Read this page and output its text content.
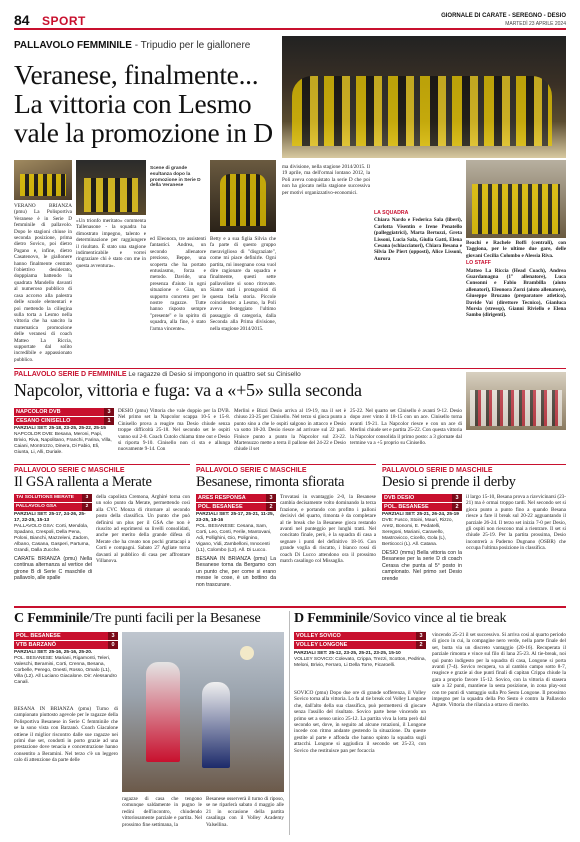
84 SPORT	GIORNALE DI CARATE - SEREGNO - DESIO
MARTEDÌ 23 APRILE 2024
PALLAVOLO FEMMINILE - Tripudio per le giallonere
Veranese, finalmente... La vittoria con Lesmo vale la promozione in D
Scene di grande esultanza dopo la promozione in Serie D della Veranese

VERANO BRIANZA (pmu) La Polisportiva Veranese è in Serie D femminile di pallavolo. Dopo le stagioni chiuse in seconda posizione, prima dietro Sovico, poi dietro Pagano e, infine, dietro Casatenovo, le giallonere hanno finalmente centrato l'obiettivo desiderato, dopppiama battendo la quadrata Mandello davanti al numeroso pubblico di casa accorso alla palestra delle scuole elementari e poi mettendo la ciliegina sulla torta a Lesmo nella vittoria che ha sancito la matematica promozione delle veranesi di coach Matteo La Riccia, supportate dal solito incredibile e appassionato pubblico.

«Un trionfo meritato» commenta Tallenasone - la squadra ha dimostrato impegno, talento e determinazione per raggiungere il risultato. È stato una stagione indimenticabile e vorrei ringraziare chi è stato con me in questa avventura».

ed Eleonora, tre assistenti fantastici. Andrea, un secondo allenatore prezioso, Beppe, una scoperta che ha portato entusiasmo, forza e metodo. Davide, una presenza d'aiuto in ogni situazione e Gian, un supporto concreto per le nostre ragazze. Tutte hanno risposto sempre "presente" e lo spirito di squadra, alla fine, è stato l'arma vincente».

Betty e a sua figlia Silvia che fa parte di questo gruppo meraviglioso di "disgraziate", come mi piace definirle. Ogni partita, mi insegnano cosa vuol dire ragionare da squadra e finalmente, questi sette pallavoliste si sono ritrovate. Siamo stati i protagonisti di questa bella storia. Piccole coincidenze: a Lesmo, la Poli aveva festeggiato l'ultimo passaggio di categoria, dalla Seconda alla Prima divisione, nella stagione 2014/2015.

ma divisione, nella stagione 2014/2015. Il 19 aprile, ma dell'ormai lontano 2012, la Poli aveva conquistato la serie D che poi non ha giocato nella stagione successiva per motivi organizzativo-economici.

LA SQUADRA

Chiara Nardo e Federica Sala (liberi), Carlotta Visentin e Irene Penatello (palleggiatrici), Marta Bertozzi, Greta Lissoni, Lucia Sala, Giulia Gatti, Elena Cesana (schiacciatori), Chiara Besana e Silvia De Piert (opposti), Alice Lissoni, Aurora

Beachi e Rachele Boffi (centrali), con Taggiona, per le ultime due gare, delle giovani Cecilia Colombo e Alessia Riva.

LO STAFF

Matteo La Riccia (Head Coach), Andrea Guardamagna (1° allenatore), Luca Consonni e Fabio Brambilla (aiuto allenatori), Eleonora Zorzi (aiuto allenatore), Giuseppe Brucano (preparatore atletico), Davide Vai (direttore Tecnico), Gianluca Morsia (stressp), Gianni Riviello e Elena Sambo (dirigenti).

PALLAVOLO SERIE D FEMMINILE Le ragazze di Desio si impongono in quattro set su Cinisello
Napcolor, vittoria e fuga: va a «+5» sulla seconda
NAPCOLOR DVB	3
CESANO CINISELLO	1
PARZIALI SET: 25-18, 23-25, 25-22, 25-15
NAPCOLOR DVB: Besana, Meroni, Papi, Brivio, Riva, Napolitano, Franchi, Farina, Villa, Caiani, Montrozzo, Dinera, Di Fabio, Eli, Giunta, Li, Alli, Duriale.

DESIO (pmu) Vittoria che vale doppio per la DVB. Nel primo set la Napcolor scappa 10-5 e 15-8. Cinisello prova a reagire ma Desio chiude senza troppe difficoltà 25-18. Nel secondo set le ospiti vanno sul 2-8. Coach Cutolo chiama time out e Desio si riporta 9-10. Cinisello non ci sta e allunga nuovamente 9-14. Con

Merlini e Bizzi Desio arriva al 19-19, ma il set è chiuso 23-25 per Cinisello. Nel terzo si gioca punto a punto sino a che le ospiti salgono in attacco e Desio va sotto 18-20. Desio riesce ad arrivare sul 22 pari. Finisce punto a punto la Napcolor sul 23-22. Martenuzzo mette a terra il pallone del 24-22 e Desio chiude il set

25-22. Nel quarto set Cinisello è avanti 9-12. Desio dopo aver vinto il 18-15 con un ace. Cinisello torna avanti 19-21. La Napcolor riesce e con un ace di Merlini chiude set e partita 25-22. Con questa vittoria la Napcolor consolida il primo posto: a 3 giornate dal termine va a +5 proprio su Cinisello.

PALLAVOLO SERIE C MASCHILE
Il GSA rallenta a Merate
TAI SOLUTIONS MERATE	3
PALLAVOLO GSA	2
PARZIALI SET: 25-17, 24-26, 25-17, 22-25, 15-13
PALLAVOLO GSA: Corti, Mendola, Spadano, Crespoli, Della Pena, Poloni, Bianchi, Mazzeleni, Zadom, Albano, Casana, Gasperi, Partuma, Grandi, Dalla Zucche.

CARATE BRIANZA (pmu) Nella continua alternanza al vertice del girone B di Serie C maschile di pallavolo, alle spalle

della capolista Cremona, Arghiré torna con un solo punto da Merate, permettendo così alla CVC Monza di ritornare al secondo posto della classifica. Un punto che può definirsi un plus per il GSA che non è riuscito ad esprimersi su livelli consolidati, anche per merito della grande difesa di Merate che ha creato non pochi grattacapi a Corti e compagni. Sabato 27 Agliate torna davanti al pubblico di casa per affrontare Villanova.

PALLAVOLO SERIE C MASCHILE
Besanese, rimonta sfiorata
ARES RESPONSA	3
POL. BESANESE	2
PARZIALI SET: 25-17, 25-21, 11-25, 23-25, 18-16
POL. BESANESE: Cesana, Sam, Corti, Leo, Conti, Ferile, Mantovani, Adi, Pollighini, Gio, Polignino, Vigano, Vidi, Zambelloni, Innocenti (L1), Colombo (L2). All. Di Lucco.

BESANA IN BRIANZA (pmu) La Besanese torna da Bergamo con un punto che, per come si erano messe le cose, è un bottino da non trascurare.

Trovatasi in svantaggio 2-0, la Besanese cambia decisamente volto dominando la terza frazione, e portando con profitto i palloni decisivi del quarto, rimonta è da completare al tie break che la Besanese gioca restando avanti nel punteggio per lunghi tratti. Nel concitato finale, però, è la squadra di casa a segnare i punti del definitivo 18-16. Con grande voglia di riscatto, i bianco rossi di coach Di Lucco attendono ora il prossimo match casalingo col Missaglia.

PALLAVOLO SERIE D MASCHILE
Desio si prende il derby
DVB DESIO	3
POL. BESANESE	2
PARZIALI SET: 25-21, 26-24, 25-19
DVB: Fusco, Stoini, Mauri, Rizzo, Aretz, Bonomi, E. Pedatelli, Seregoni, Mariani, Caravello, Mastrovicco, Cicello, Gola (L), Berticocci (L). All. Catana.

DESIO (mmu) Bella vittoria con la Besanese per la serie D di coach Cerasa che punta al 5° posto in campionato. Nel primo set Desio prende

il largo 15-10, Besana prova a riavvicinarsi (23-21) ma è ormai troppo tardi. Nel secondo set si gioca punto a punto fino a quando Besana riesce a fare il break sul 20-22 agguantando il parziale 26-24. Il terzo set inizia 7-0 per Desio, gli ospiti non riescono mai a rientrare. Il set si chiude 25-19. Per la partita prossima, Desio incontrerà a Paderno Dugnano (OSBR) che occupa l'ultima posizione in classifica.

C Femminile/Tre punti facili per la Besanese
POL. BESANESE	3
VTB BARZANÒ	0
PARZIALI SET: 25-16, 25-16, 25-20.
POL. BESANESE: Mariani, Rigamonti, Teleri, Valeschi, Beramini, Corti, Crenna, Besana, Corbelle, Perego, Onesti, Rosso, Omalo (L1), Villa (L2). All Luciano Giacalone. Dir: Alessandro Canali.

BESANA IN BRIANZA (pmu) Turno di campionato piuttosto agevole per le ragazze della Polisportiva Besanese in Serie C femminile che se la sono vista con Barzanò. Coach Giacalone ottiene il miglior riscontro dalle sue ragazze nei primi due set, condotti in porto grazie ad una prestazione dove tenacia e concentrazione hanno consentito a Beramini. Nel terzo c'è un leggero calo di attenzione da parte delle

ragazze di casa che tengono comunque saldamente in pugno le redini dell'incontro, chiudendo vittoriosamente parziale e partita. Nel prossimo fine settimana, la

Besanese osserverà il turno di riposo, se ne riparlerà sabato 4 maggio alle 21 in occasione della partita casalinga con il Volley Academy Valsellina.

D Femminile/Sovico vince al tie break
VOLLEY SOVICO	3
VOLLEY LONGONE	2
PARZIALI SET: 25-12, 23-25, 25-21, 23-25, 15-10
VOLLEY SOVICO: Colevato, Crippa, Trezzi, Scotton, Pedrina, Meloni, Brivio, Ferraro, Li Della Torre, Ficaroelli.

SOVICO (pmu) Dopo due ore di grande sofferenza, il Volley Sovico torna alla vittoria. Lo fa al tie break col Volley Longone che, dall'alto della sua classifica, può permettersi di giocare senza l'assillo del risultato. Sovico parte bene vincendo un primo set a senso unico 25-12. La partita viva la lotta però dal secondo set, dove, in seguito ad alcune rotazioni, il Longone incede con ritmo andante gestendo la situazione. Da queste gestite al parte e affonda che hanno spinto la squadra sugli attacchi. Longone si aggiudica il secondo set 25-23, con Sovico che restituisce pan per focaccia

vincendo 25-21 il set successivo. Si arriva così al quarto periodo di gioco in cui, la compagine nero verde, nella parte finale del set, butta via un discreto vantaggio (20-16). Recuperata il parziale rimonta e vince sul filo di lana 25-23. Al tie-break, noi qui punto indigesto per la squadra di casa, Longone si porta avanti (7-4). Sovico recupera, va al cambio campo sotto 8-7, reagisce e grazie ai due punti finali di capitan Crippa chiude la gara a proprio favore 15-12. Sovico, con la vittoria di stasera sale a 32 punti, mantiene la sesta posizione, in zona play-out con tre punti di vantaggio sulla Pro Sesto Longone. Il prossimo impegno per la squadra della Pro Sesto è contro la Pallavolo Agrate. Vittoria che rilancia a ottavo di merito.
